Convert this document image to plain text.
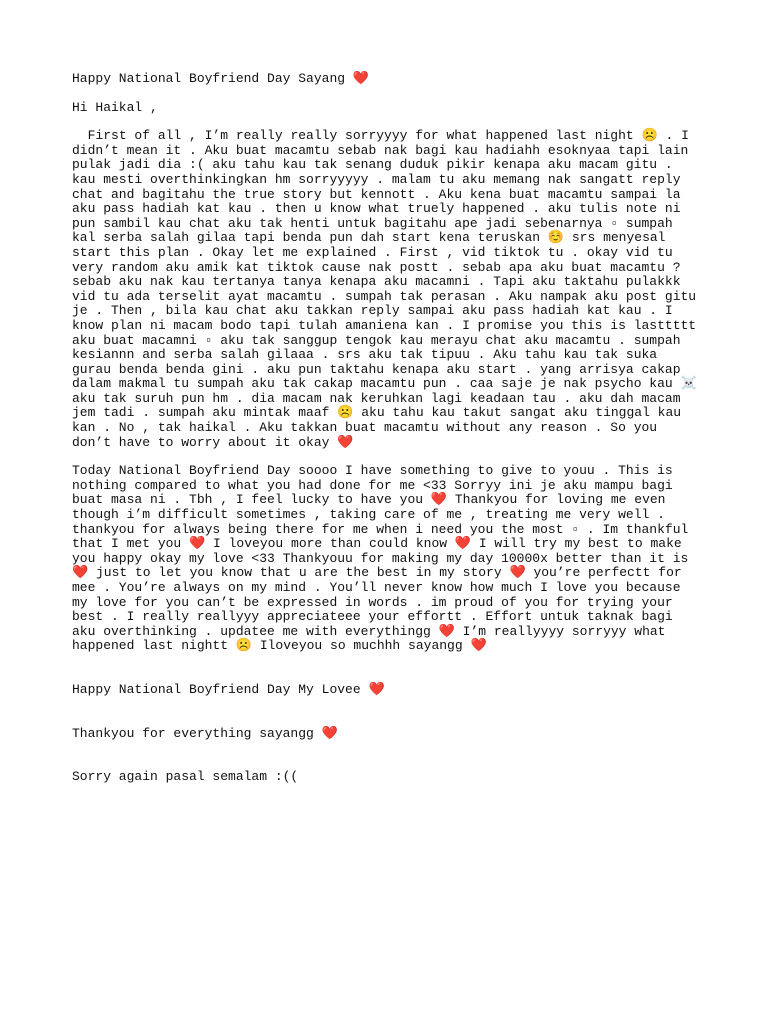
Happy National Boyfriend Day Sayang ❤️

Hi Haikal ,

First of all , I’m really really sorryyyy for what happened last night ☹️ . I didn’t mean it . Aku buat macamtu sebab nak bagi kau hadiahh esoknyaa tapi lain pulak jadi dia :( aku tahu kau tak senang duduk pikir kenapa aku macam gitu . kau mesti overthinkingkan hm sorryyyyy . malam tu aku memang nak sangatt reply chat and bagitahu the true story but kennott . Aku kena buat macamtu sampai la aku pass hadiah kat kau . then u know what truely happened . aku tulis note ni pun sambil kau chat aku tak henti untuk bagitahu ape jadi sebenarnya ▫ sumpah kal serba salah gilaa tapi benda pun dah start kena teruskan ☺️ srs menyesal start this plan . Okay let me explained . First , vid tiktok tu . okay vid tu very random aku amik kat tiktok cause nak postt . sebab apa aku buat macamtu ? sebab aku nak kau tertanya tanya kenapa aku macamni . Tapi aku taktahu pulakkk vid tu ada terselit ayat macamtu . sumpah tak perasan . Aku nampak aku post gitu je . Then , bila kau chat aku takkan reply sampai aku pass hadiah kat kau . I know plan ni macam bodo tapi tulah amaniena kan . I promise you this is lasttttt aku buat macamni ▫ aku tak sanggup tengok kau merayu chat aku macamtu . sumpah kesiannn and serba salah gilaaa . srs aku tak tipuu . Aku tahu kau tak suka gurau benda benda gini . aku pun taktahu kenapa aku start . yang arrisya cakap dalam makmal tu sumpah aku tak cakap macamtu pun . caa saje je nak psycho kau ☠️ aku tak suruh pun hm . dia macam nak keruhkan lagi keadaan tau . aku dah macam jem tadi . sumpah aku mintak maaf ☹️ aku tahu kau takut sangat aku tinggal kau kan . No , tak haikal . Aku takkan buat macamtu without any reason . So you don’t have to worry about it okay ❤️

Today National Boyfriend Day soooo I have something to give to youu . This is nothing compared to what you had done for me <33 Sorryy ini je aku mampu bagi buat masa ni . Tbh , I feel lucky to have you ❤️ Thankyou for loving me even though i’m difficult sometimes , taking care of me , treating me very well . thankyou for always being there for me when i need you the most ▫ . Im thankful that I met you ❤️ I loveyou more than could know ❤️ I will try my best to make you happy okay my love <33 Thankyouu for making my day 10000x better than it is ❤️ just to let you know that u are the best in my story ❤️ you’re perfectt for mee . You’re always on my mind . You’ll never know how much I love you because my love for you can’t be expressed in words . im proud of you for trying your best . I really reallyyy appreciateee your effortt . Effort untuk taknak bagi aku overthinking . updatee me with everythingg ❤️ I’m reallyyyy sorryyy what happened last nightt ☹️ Iloveyou so muchhh sayangg ❤️

Happy National Boyfriend Day My Lovee ❤️

Thankyou for everything sayangg ❤️

Sorry again pasal semalam :((
